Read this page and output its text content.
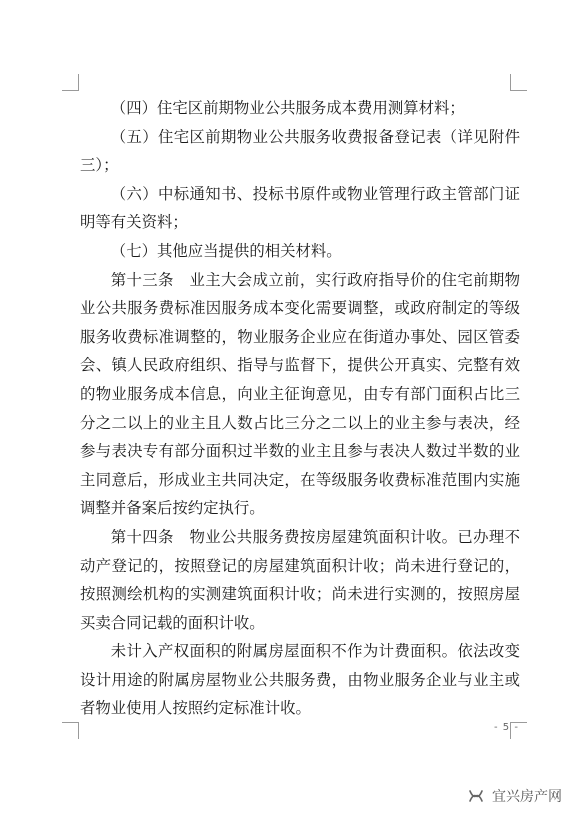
（四）住宅区前期物业公共服务成本费用测算材料；

（五）住宅区前期物业公共服务收费报备登记表（详见附件三）；

（六）中标通知书、投标书原件或物业管理行政主管部门证明等有关资料；

（七）其他应当提供的相关材料。

第十三条　业主大会成立前，实行政府指导价的住宅前期物业公共服务费标准因服务成本变化需要调整，或政府制定的等级服务收费标准调整的，物业服务企业应在街道办事处、园区管委会、镇人民政府组织、指导与监督下，提供公开真实、完整有效的物业服务成本信息，向业主征询意见，由专有部门面积占比三分之二以上的业主且人数占比三分之二以上的业主参与表决，经参与表决专有部分面积过半数的业主且参与表决人数过半数的业主同意后，形成业主共同决定，在等级服务收费标准范围内实施调整并备案后按约定执行。

第十四条　物业公共服务费按房屋建筑面积计收。已办理不动产登记的，按照登记的房屋建筑面积计收；尚未进行登记的，按照测绘机构的实测建筑面积计收；尚未进行实测的，按照房屋买卖合同记载的面积计收。

未计入产权面积的附属房屋面积不作为计费面积。依法改变设计用途的附属房屋物业公共服务费，由物业服务企业与业主或者物业使用人按照约定标准计收。

- 5 -
宜兴房产网
